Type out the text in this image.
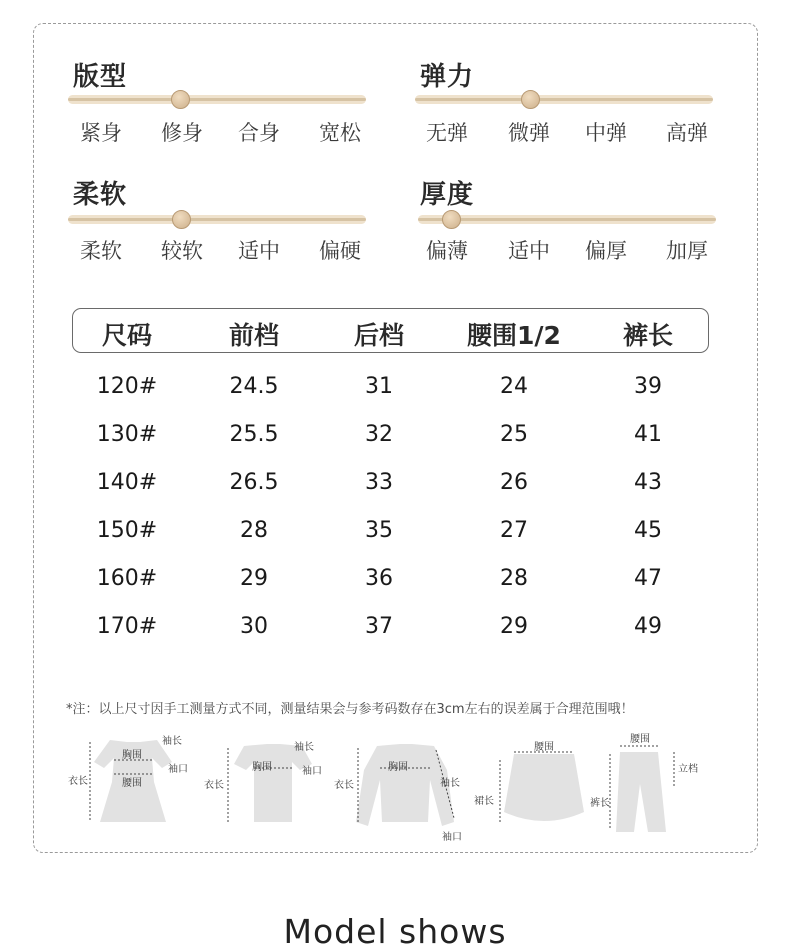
版型
紧身	修身	合身	宽松
弹力
无弹	微弹	中弹	高弹
柔软
柔软	较软	适中	偏硬
厚度
偏薄	适中	偏厚	加厚
尺码	前档	后档	腰围1/2	裤长
120#	24.5	31	24	39
130#	25.5	32	25	41
140#	26.5	33	26	43
150#	28	35	27	45
160#	29	36	28	47
170#	30	37	29	49
*注：以上尺寸因手工测量方式不同，测量结果会与参考码数存在3cm左右的误差属于合理范围哦！
胸围
袖长
袖口
衣长	腰围
胸围
袖长
袖口
衣长
胸围
衣长	袖长
袖口
腰围
裙长
腰围
立档
裤长
Model shows
